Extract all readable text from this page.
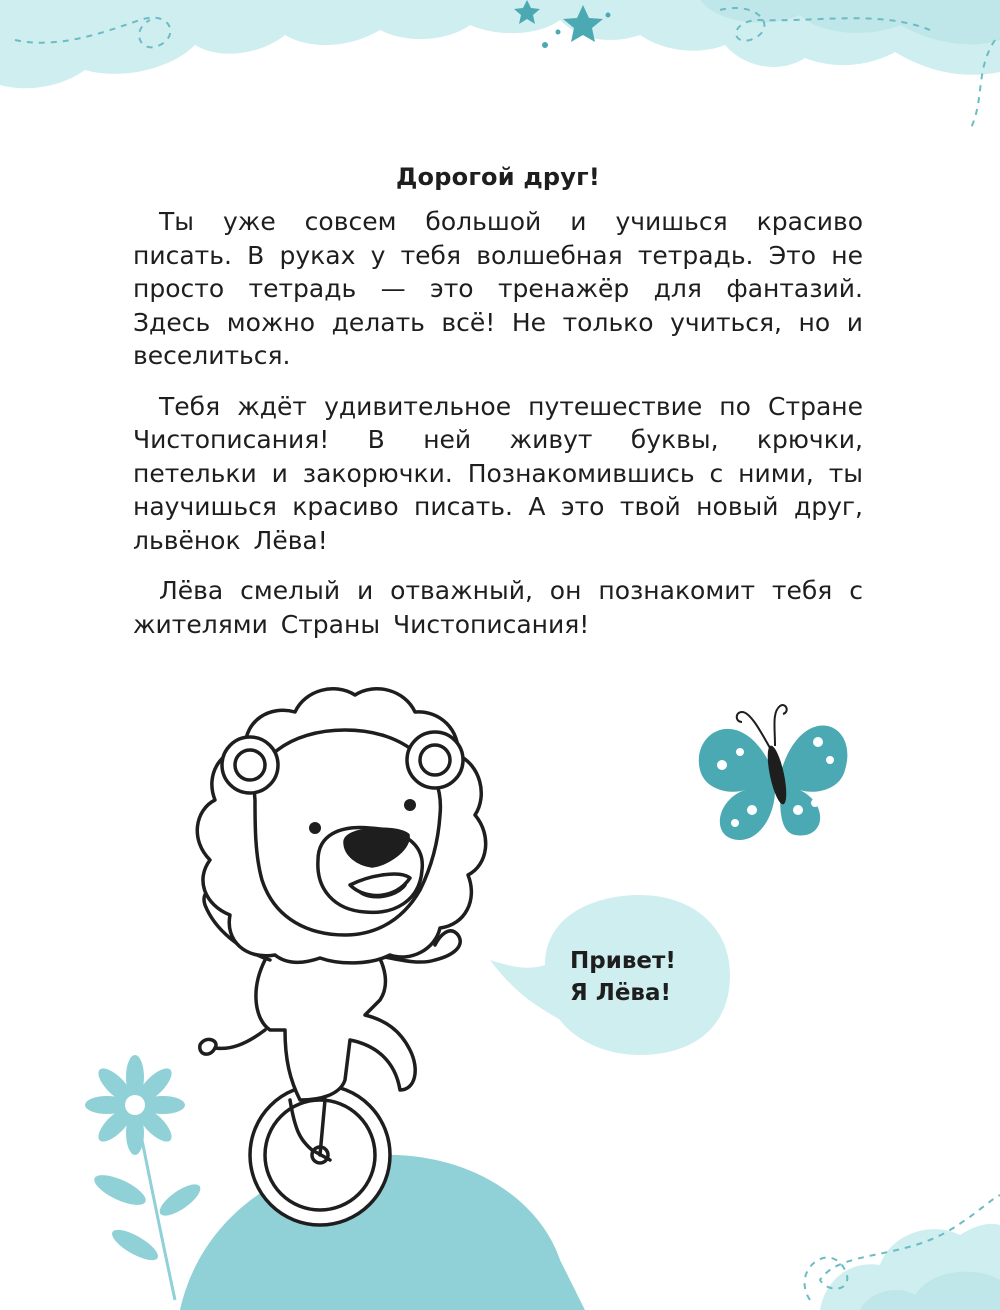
Дорогой друг!

Ты уже совсем большой и учишься красиво писать. В руках у тебя волшебная тетрадь. Это не просто тетрадь — это тренажёр для фантазий. Здесь можно делать всё! Не только учиться, но и веселиться.

Тебя ждёт удивительное путешествие по Стране Чистописания! В ней живут буквы, крючки, петельки и закорючки. Познакомившись с ними, ты научишься красиво писать. А это твой новый друг, львёнок Лёва!

Лёва смелый и отважный, он познакомит тебя с жителями Страны Чистописания!

Привет!
Я Лёва!
